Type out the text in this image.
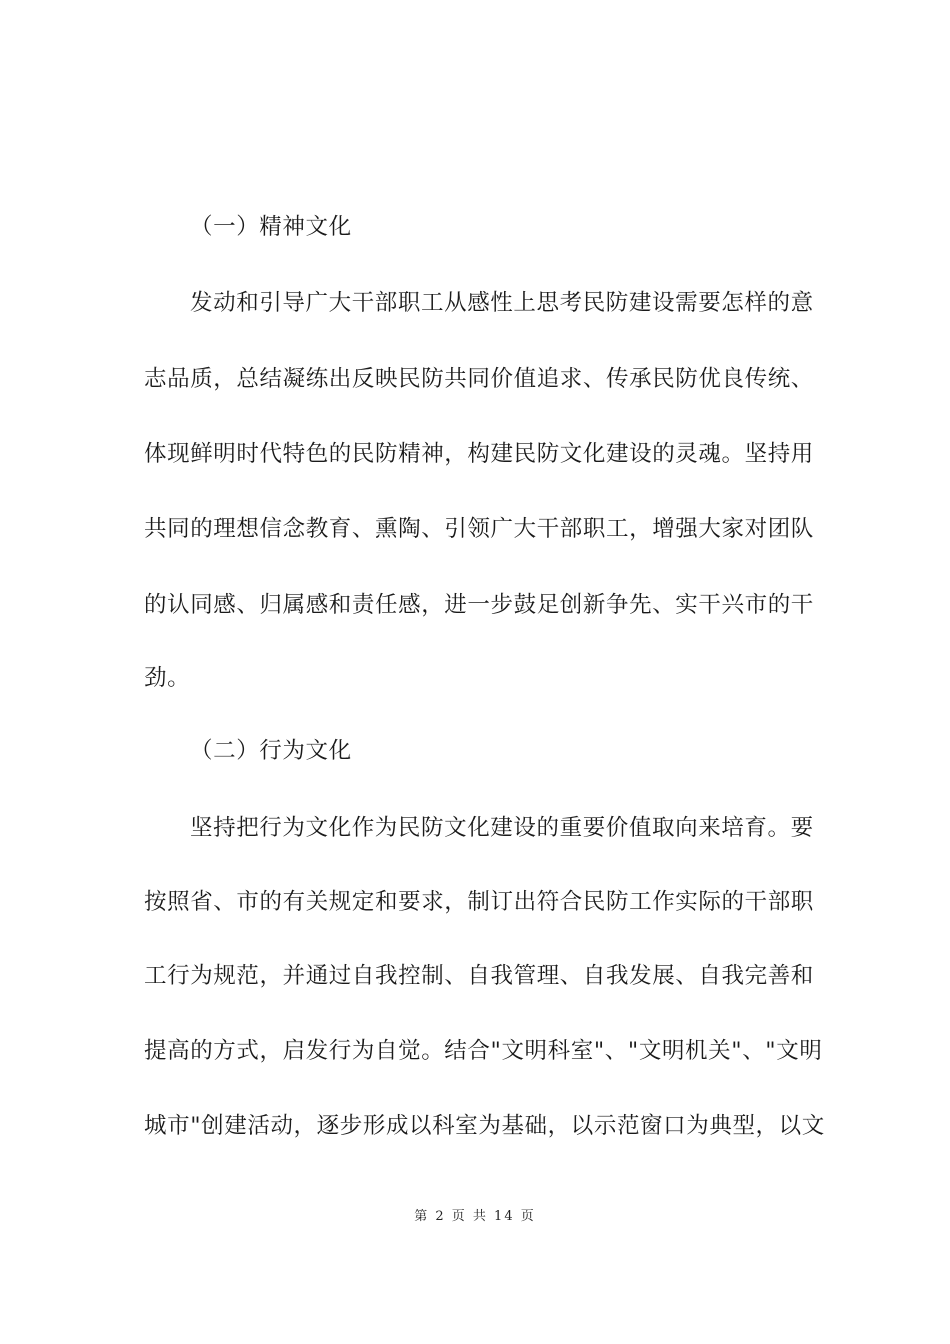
（一）精神文化
发动和引导广大干部职工从感性上思考民防建设需要怎样的意
志品质，总结凝练出反映民防共同价值追求、传承民防优良传统、
体现鲜明时代特色的民防精神，构建民防文化建设的灵魂。坚持用
共同的理想信念教育、熏陶、引领广大干部职工，增强大家对团队
的认同感、归属感和责任感，进一步鼓足创新争先、实干兴市的干
劲。
（二）行为文化
坚持把行为文化作为民防文化建设的重要价值取向来培育。要
按照省、市的有关规定和要求，制订出符合民防工作实际的干部职
工行为规范，并通过自我控制、自我管理、自我发展、自我完善和
提高的方式，启发行为自觉。结合"文明科室"、"文明机关"、"文明
城市"创建活动，逐步形成以科室为基础，以示范窗口为典型，以文
第 2 页 共 14 页
